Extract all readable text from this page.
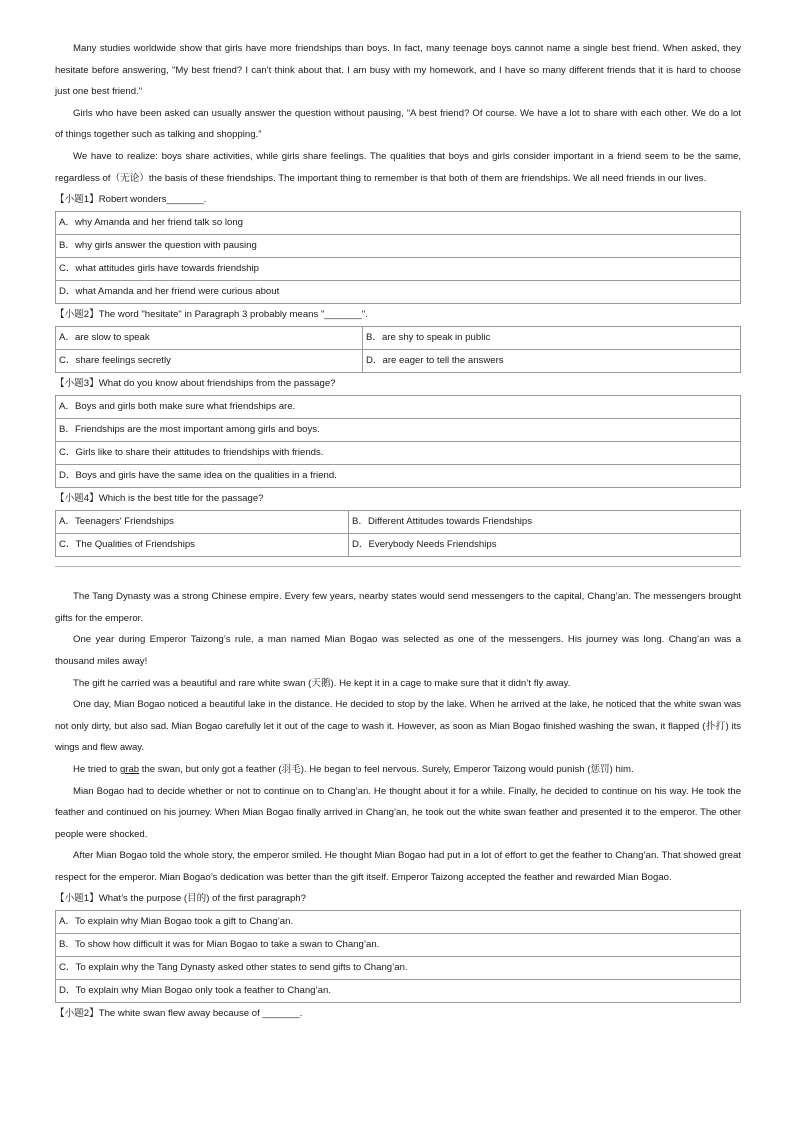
Many studies worldwide show that girls have more friendships than boys. In fact, many teenage boys cannot name a single best friend. When asked, they hesitate before answering, "My best friend? I can't think about that. I am busy with my homework, and I have so many different friends that it is hard to choose just one best friend."

Girls who have been asked can usually answer the question without pausing, “A best friend? Of course. We have a lot to share with each other. We do a lot of things together such as talking and shopping.”

We have to realize: boys share activities, while girls share feelings. The qualities that boys and girls consider important in a friend seem to be the same, regardless of（无论）the basis of these friendships. The important thing to remember is that both of them are friendships. We all need friends in our lives.

【小题1】Robert wonders_______.
A．why Amanda and her friend talk so long
B．why girls answer the question with pausing
C．what attitudes girls have towards friendship
D．what Amanda and her friend were curious about
【小题2】The word "hesitate" in Paragraph 3 probably means "_______".
A．are slow to speak	B．are shy to speak in public
C．share feelings secretly	D．are eager to tell the answers
【小题3】What do you know about friendships from the passage?
A．Boys and girls both make sure what friendships are.
B．Friendships are the most important among girls and boys.
C．Girls like to share their attitudes to friendships with friends.
D．Boys and girls have the same idea on the qualities in a friend.
【小题4】Which is the best title for the passage?
A．Teenagers' Friendships	B．Different Attitudes towards Friendships
C．The Qualities of Friendships	D．Everybody Needs Friendships

The Tang Dynasty was a strong Chinese empire. Every few years, nearby states would send messengers to the capital, Chang’an. The messengers brought gifts for the emperor.

One year during Emperor Taizong’s rule, a man named Mian Bogao was selected as one of the messengers. His journey was long. Chang’an was a thousand miles away!

The gift he carried was a beautiful and rare white swan (天鹅). He kept it in a cage to make sure that it didn’t fly away.

One day, Mian Bogao noticed a beautiful lake in the distance. He decided to stop by the lake. When he arrived at the lake, he noticed that the white swan was not only dirty, but also sad. Mian Bogao carefully let it out of the cage to wash it. However, as soon as Mian Bogao finished washing the swan, it flapped (扑打) its wings and flew away.

He tried to grab the swan, but only got a feather (羽毛). He began to feel nervous. Surely, Emperor Taizong would punish (惩罚) him.

Mian Bogao had to decide whether or not to continue on to Chang’an. He thought about it for a while. Finally, he decided to continue on his way. He took the feather and continued on his journey. When Mian Bogao finally arrived in Chang’an, he took out the white swan feather and presented it to the emperor. The other people were shocked.

After Mian Bogao told the whole story, the emperor smiled. He thought Mian Bogao had put in a lot of effort to get the feather to Chang’an. That showed great respect for the emperor. Mian Bogao’s dedication was better than the gift itself. Emperor Taizong accepted the feather and rewarded Mian Bogao.

【小题1】What’s the purpose (目的) of the first paragraph?
A．To explain why Mian Bogao took a gift to Chang’an.
B．To show how difficult it was for Mian Bogao to take a swan to Chang’an.
C．To explain why the Tang Dynasty asked other states to send gifts to Chang’an.
D．To explain why Mian Bogao only took a feather to Chang’an.
【小题2】The white swan flew away because of _______.
